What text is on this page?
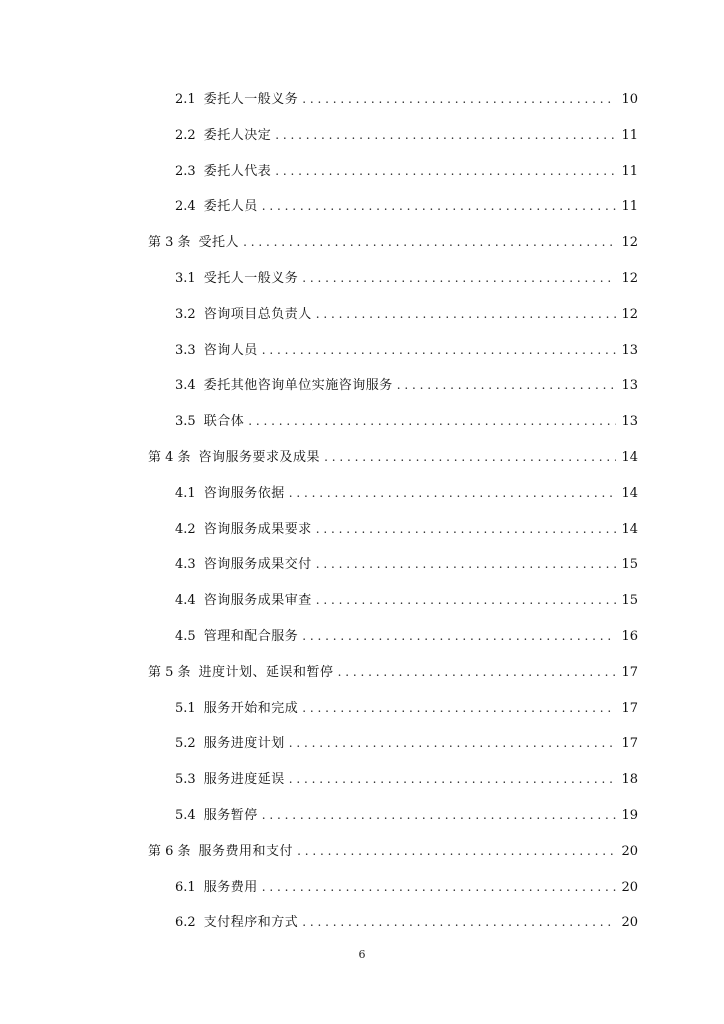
2.1 委托人一般义务 . . .	10
2.2 委托人决定 . . .	11
2.3 委托人代表 . . .	11
2.4 委托人员 . . .	11
第 3 条 受托人 . . .	12
3.1 受托人一般义务 . . .	12
3.2 咨询项目总负责人 . . .	12
3.3 咨询人员 . . .	13
3.4 委托其他咨询单位实施咨询服务 . . .	13
3.5 联合体 . . .	13
第 4 条 咨询服务要求及成果 . . .	14
4.1 咨询服务依据 . . .	14
4.2 咨询服务成果要求 . . .	14
4.3 咨询服务成果交付 . . .	15
4.4 咨询服务成果审查 . . .	15
4.5 管理和配合服务 . . .	16
第 5 条 进度计划、延误和暂停 . . .	17
5.1 服务开始和完成 . . .	17
5.2 服务进度计划 . . .	17
5.3 服务进度延误 . . .	18
5.4 服务暂停 . . .	19
第 6 条 服务费用和支付 . . .	20
6.1 服务费用 . . .	20
6.2 支付程序和方式 . . .	20
6
